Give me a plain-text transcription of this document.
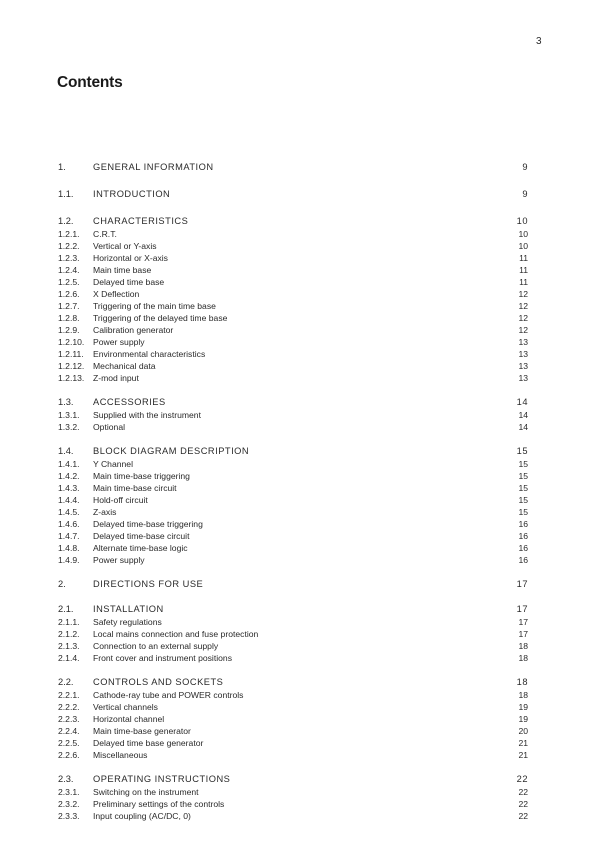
3
Contents
1.	GENERAL INFORMATION	9
1.1.	INTRODUCTION	9
1.2.	CHARACTERISTICS	10
1.2.1.	C.R.T.	10
1.2.2.	Vertical or Y-axis	10
1.2.3.	Horizontal or X-axis	11
1.2.4.	Main time base	11
1.2.5.	Delayed time base	11
1.2.6.	X Deflection	12
1.2.7.	Triggering of the main time base	12
1.2.8.	Triggering of the delayed time base	12
1.2.9.	Calibration generator	12
1.2.10.	Power supply	13
1.2.11.	Environmental characteristics	13
1.2.12.	Mechanical data	13
1.2.13.	Z-mod input	13
1.3.	ACCESSORIES	14
1.3.1.	Supplied with the instrument	14
1.3.2.	Optional	14
1.4.	BLOCK DIAGRAM DESCRIPTION	15
1.4.1.	Y Channel	15
1.4.2.	Main time-base triggering	15
1.4.3.	Main time-base circuit	15
1.4.4.	Hold-off circuit	15
1.4.5.	Z-axis	15
1.4.6.	Delayed time-base triggering	16
1.4.7.	Delayed time-base circuit	16
1.4.8.	Alternate time-base logic	16
1.4.9.	Power supply	16
2.	DIRECTIONS FOR USE	17
2.1.	INSTALLATION	17
2.1.1.	Safety regulations	17
2.1.2.	Local mains connection and fuse protection	17
2.1.3.	Connection to an external supply	18
2.1.4.	Front cover and instrument positions	18
2.2.	CONTROLS AND SOCKETS	18
2.2.1.	Cathode-ray tube and POWER controls	18
2.2.2.	Vertical channels	19
2.2.3.	Horizontal channel	19
2.2.4.	Main time-base generator	20
2.2.5.	Delayed time base generator	21
2.2.6.	Miscellaneous	21
2.3.	OPERATING INSTRUCTIONS	22
2.3.1.	Switching on the instrument	22
2.3.2.	Preliminary settings of the controls	22
2.3.3.	Input coupling (AC/DC, 0)	22
